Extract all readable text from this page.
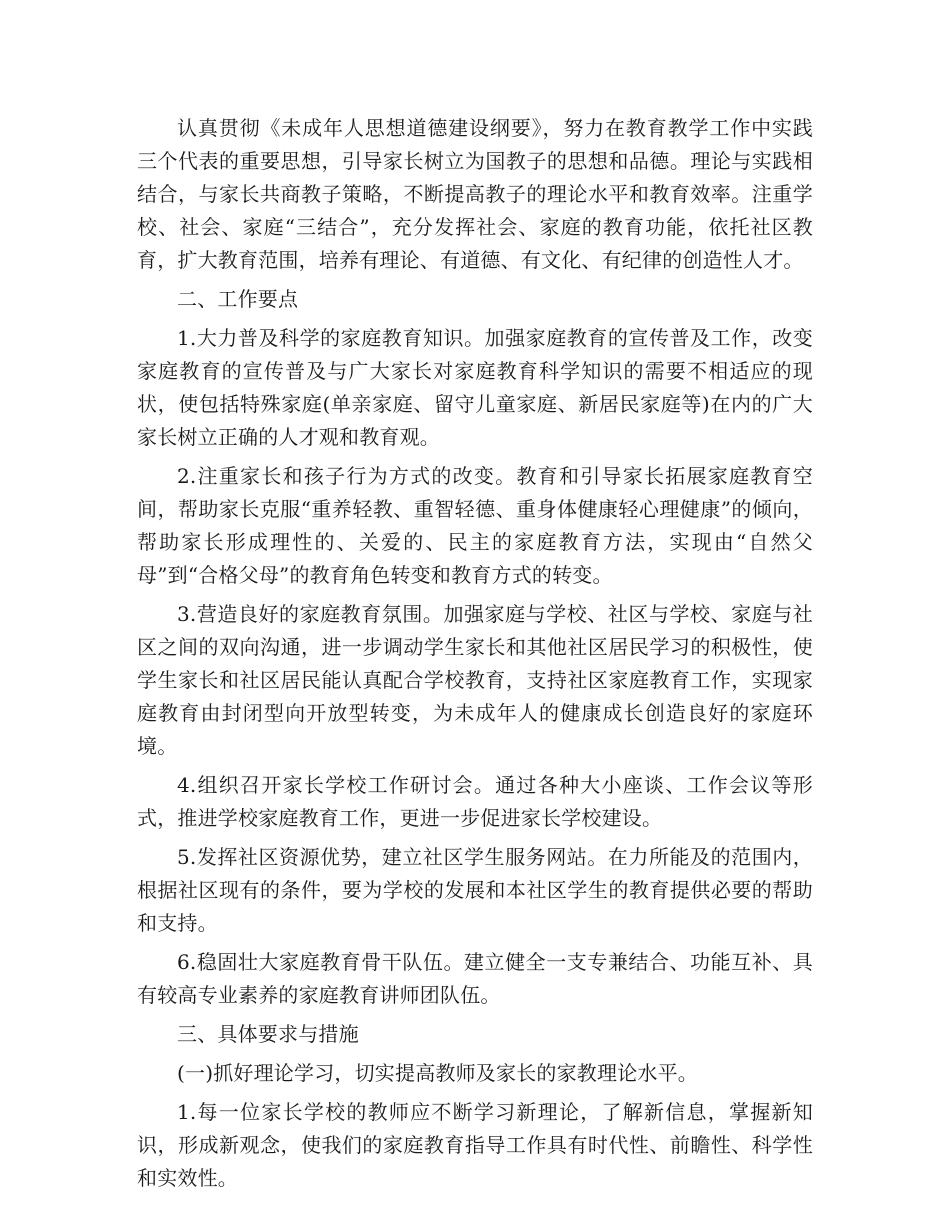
认真贯彻《未成年人思想道德建设纲要》，努力在教育教学工作中实践三个代表的重要思想，引导家长树立为国教子的思想和品德。理论与实践相结合，与家长共商教子策略，不断提高教子的理论水平和教育效率。注重学校、社会、家庭“三结合”，充分发挥社会、家庭的教育功能，依托社区教育，扩大教育范围，培养有理论、有道德、有文化、有纪律的创造性人才。

二、工作要点

1.大力普及科学的家庭教育知识。加强家庭教育的宣传普及工作，改变家庭教育的宣传普及与广大家长对家庭教育科学知识的需要不相适应的现状，使包括特殊家庭(单亲家庭、留守儿童家庭、新居民家庭等)在内的广大家长树立正确的人才观和教育观。

2.注重家长和孩子行为方式的改变。教育和引导家长拓展家庭教育空间，帮助家长克服“重养轻教、重智轻德、重身体健康轻心理健康”的倾向，帮助家长形成理性的、关爱的、民主的家庭教育方法，实现由“自然父母”到“合格父母”的教育角色转变和教育方式的转变。

3.营造良好的家庭教育氛围。加强家庭与学校、社区与学校、家庭与社区之间的双向沟通，进一步调动学生家长和其他社区居民学习的积极性，使学生家长和社区居民能认真配合学校教育，支持社区家庭教育工作，实现家庭教育由封闭型向开放型转变，为未成年人的健康成长创造良好的家庭环境。

4.组织召开家长学校工作研讨会。通过各种大小座谈、工作会议等形式，推进学校家庭教育工作，更进一步促进家长学校建设。

5.发挥社区资源优势，建立社区学生服务网站。在力所能及的范围内，根据社区现有的条件，要为学校的发展和本社区学生的教育提供必要的帮助和支持。

6.稳固壮大家庭教育骨干队伍。建立健全一支专兼结合、功能互补、具有较高专业素养的家庭教育讲师团队伍。

三、具体要求与措施

(一)抓好理论学习，切实提高教师及家长的家教理论水平。

1.每一位家长学校的教师应不断学习新理论，了解新信息，掌握新知识，形成新观念，使我们的家庭教育指导工作具有时代性、前瞻性、科学性和实效性。
